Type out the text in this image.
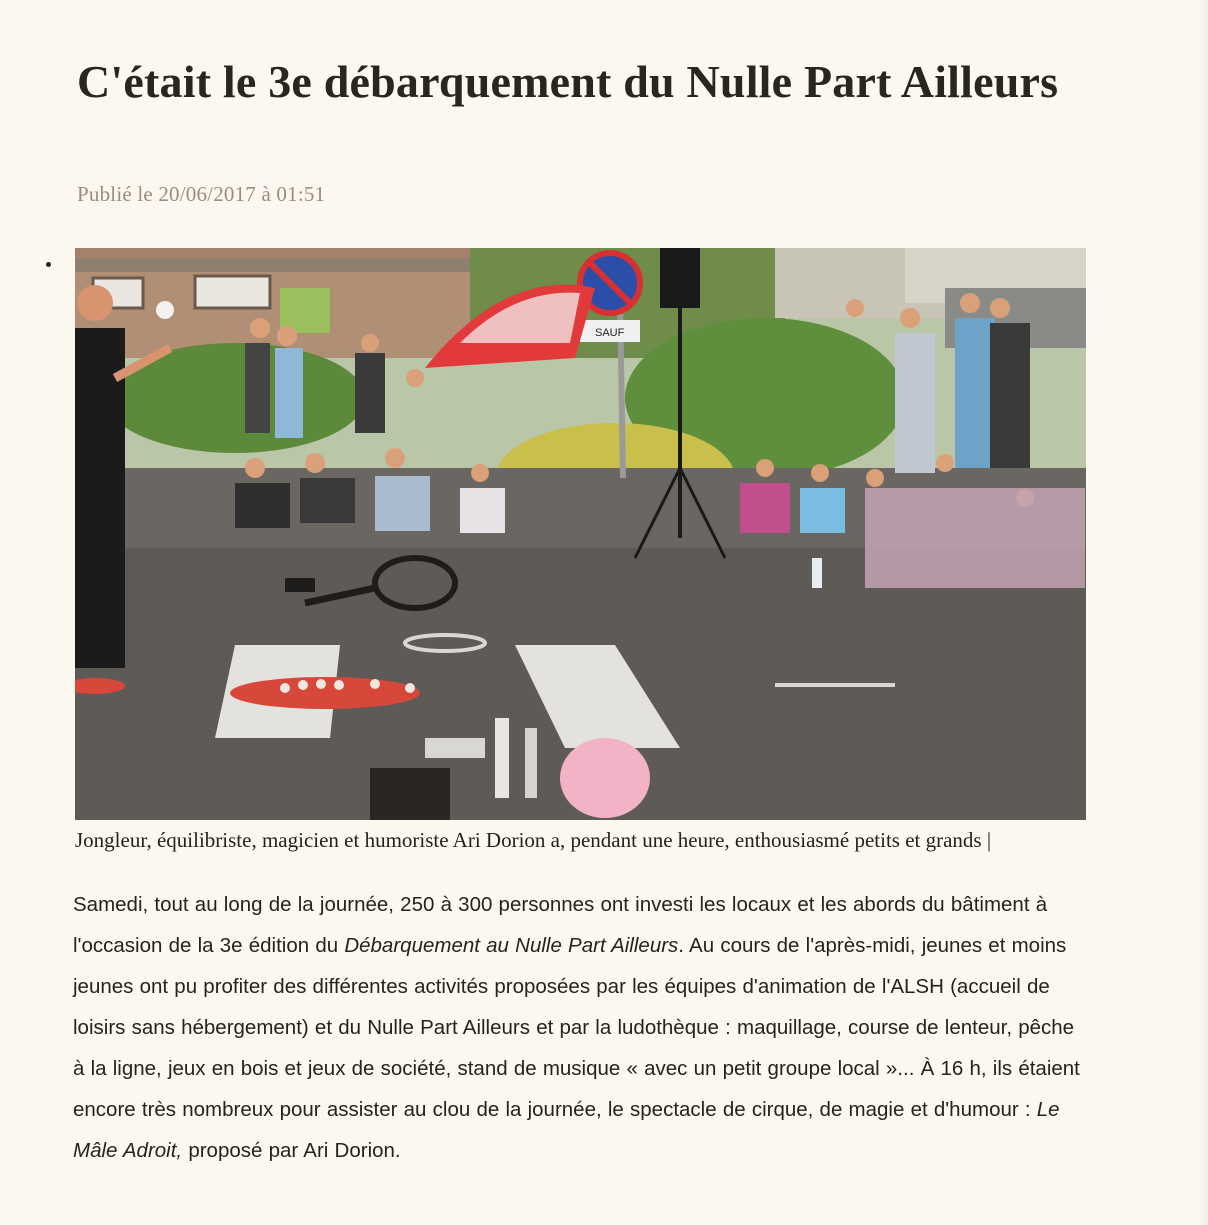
C'était le 3e débarquement du Nulle Part Ailleurs
Publié le 20/06/2017 à 01:51
SAUF
Jongleur, équilibriste, magicien et humoriste Ari Dorion a, pendant une heure, enthousiasmé petits et grands |

Samedi, tout au long de la journée, 250 à 300 personnes ont investi les locaux et les abords du bâtiment à l'occasion de la 3e édition du Débarquement au Nulle Part Ailleurs. Au cours de l'après-midi, jeunes et moins jeunes ont pu profiter des différentes activités proposées par les équipes d'animation de l'ALSH (accueil de loisirs sans hébergement) et du Nulle Part Ailleurs et par la ludothèque : maquillage, course de lenteur, pêche à la ligne, jeux en bois et jeux de société, stand de musique « avec un petit groupe local »... À 16 h, ils étaient encore très nombreux pour assister au clou de la journée, le spectacle de cirque, de magie et d'humour : Le Mâle Adroit, proposé par Ari Dorion.
